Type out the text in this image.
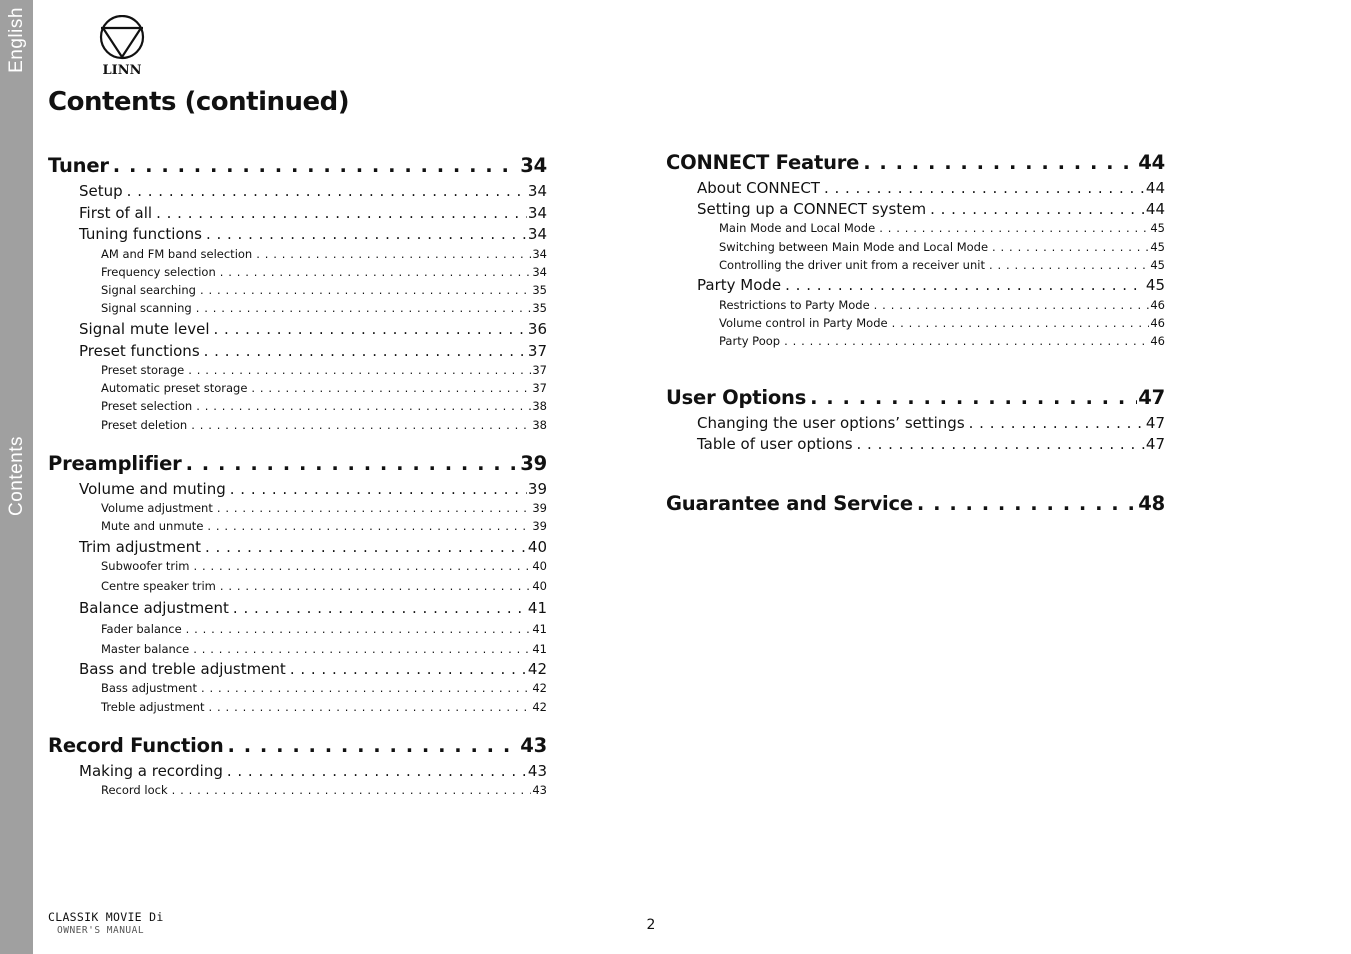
English
Contents
LINN
Contents (continued)
Tuner . . .	34
Setup . . .	34
First of all . . .	34
Tuning functions . . .	34
AM and FM band selection . . .	34
Frequency selection . . .	34
Signal searching . . .	35
Signal scanning . . .	35
Signal mute level . . .	36
Preset functions . . .	37
Preset storage . . .	37
Automatic preset storage . . .	37
Preset selection . . .	38
Preset deletion . . .	38
Preamplifier . . .	39
Volume and muting . . .	39
Volume adjustment . . .	39
Mute and unmute . . .	39
Trim adjustment . . .	40
Subwoofer trim . . .	40
Centre speaker trim . . .	40
Balance adjustment . . .	41
Fader balance . . .	41
Master balance . . .	41
Bass and treble adjustment . . .	42
Bass adjustment . . .	42
Treble adjustment . . .	42
Record Function . . .	43
Making a recording . . .	43
Record lock . . .	43
CONNECT Feature . . .	44
About CONNECT . . .	44
Setting up a CONNECT system . . .	44
Main Mode and Local Mode . . .	45
Switching between Main Mode and Local Mode . . .	45
Controlling the driver unit from a receiver unit . . .	45
Party Mode . . .	45
Restrictions to Party Mode . . .	46
Volume control in Party Mode . . .	46
Party Poop . . .	46
User Options . . .	47
Changing the user options’ settings . . .	47
Table of user options . . .	47
Guarantee and Service . . .	48
CLASSIK MOVIE Di
OWNER'S MANUAL	2
